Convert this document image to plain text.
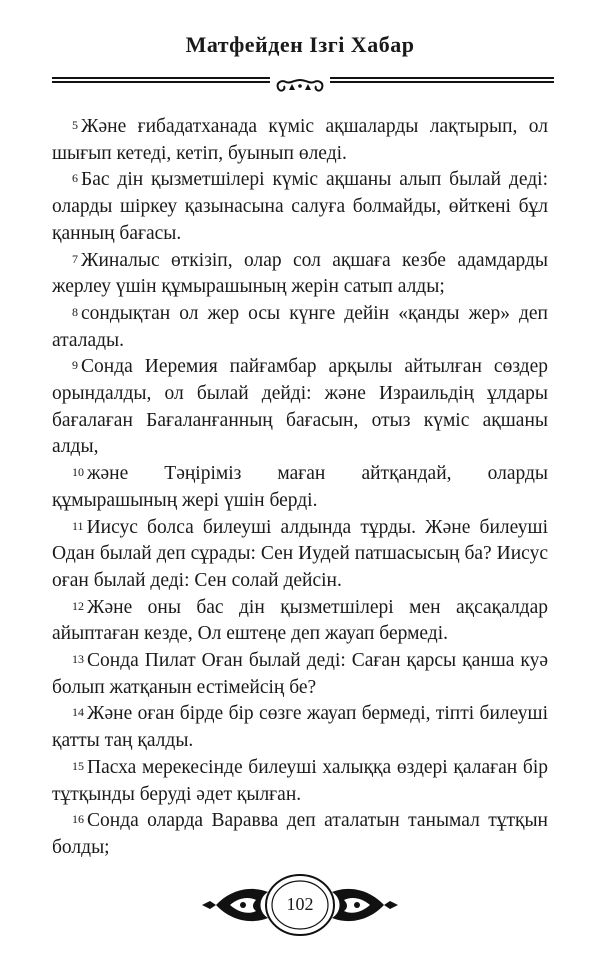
Матфейден Ізгі Хабар

$^5$ Және ғибадатханада күміс ақшаларды лақтырып, ол шығып кетеді, кетіп, буынып өледі.

$^6$ Бас дін қызметшілері күміс ақшаны алып былай деді: оларды шіркеу қазынасына салуға болмайды, өйткені бұл қанның бағасы.

$^7$ Жиналыс өткізіп, олар сол ақшаға кезбе адамдарды жерлеу үшін құмырашының жерін сатып алды;

$^8$ сондықтан ол жер осы күнге дейін «қанды жер» деп аталады.

$^9$ Сонда Иеремия пайғамбар арқылы айтылған сөздер орындалды, ол былай дейді: және Израильдің ұлдары бағалаған Бағаланғанның бағасын, отыз күміс ақшаны алды,

$^{10}$ және Тәңіріміз маған айтқандай, оларды құмырашының жері үшін берді.

$^{11}$ Иисус болса билеуші алдында тұрды. Және билеуші Одан былай деп сұрады: Сен Иудей патшасысың ба? Иисус оған былай деді: Сен солай дейсін.

$^{12}$ Және оны бас дін қызметшілері мен ақсақалдар айыптаған кезде, Ол ештеңе деп жауап бермеді.

$^{13}$ Сонда Пилат Оған былай деді: Саған қарсы қанша куә болып жатқанын естімейсің бе?

$^{14}$ Және оған бірде бір сөзге жауап бермеді, тіпті билеуші қатты таң қалды.

$^{15}$ Пасха мерекесінде билеуші халыққа өздері қалаған бір тұтқынды беруді әдет қылған.

$^{16}$ Сонда оларда Варавва деп аталатын танымал тұтқын болды;

102
